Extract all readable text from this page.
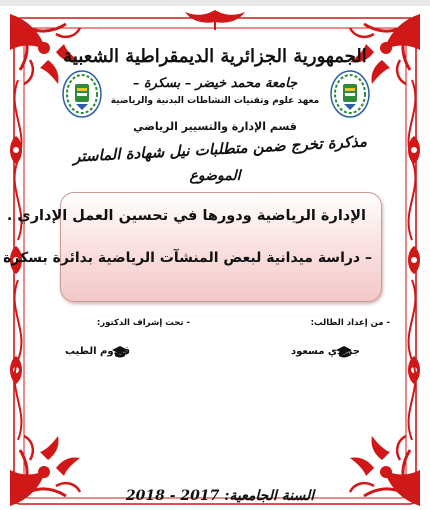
الجمهورية الجزائرية الديمقراطية الشعبية
جامعة محمد خيضر – بسكرة –
معهد علوم وتقنيات النشاطات البدنية والرياضية
قسم الإدارة والتسيير الرياضي
مذكرة تخرج ضمن متطلبات نيل شهادة الماستر
الموضوع
الإدارة الرياضية ودورها في تحسين العمل الإداري .
– دراسة ميدانية لبعض المنشآت الرياضية بدائرة بسكرة
- من إعداد الطالب:
- تحت إشراف الدكتور:
جريدي مسعود
قيدوم الطيب
السنة الجامعية: 2017 - 2018
